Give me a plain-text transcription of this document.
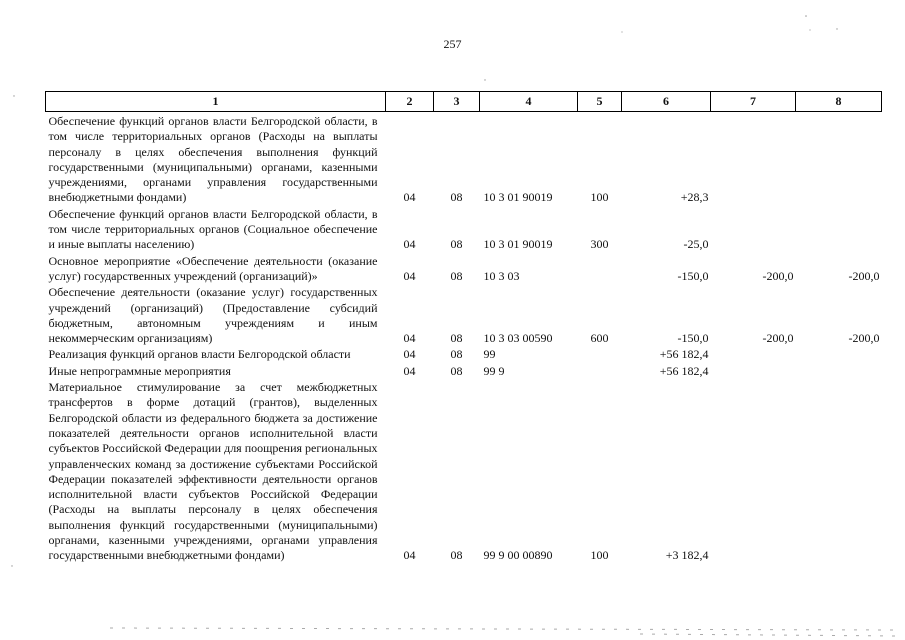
257
1	2	3	4	5	6	7	8
Обеспечение функций органов власти Белгородской области, в том числе территориальных органов (Расходы на выплаты персоналу в целях обеспечения выполнения функций государственными (муниципальными) органами, казенными учреждениями, органами управления государственными внебюджетными фондами)	04	08	10 3 01 90019	100	+28,3		
Обеспечение функций органов власти Белгородской области, в том числе территориальных органов (Социальное обеспечение и иные выплаты населению)	04	08	10 3 01 90019	300	-25,0		
Основное мероприятие «Обеспечение деятельности (оказание услуг) государственных учреждений (организаций)»	04	08	10 3 03		-150,0	-200,0	-200,0
Обеспечение деятельности (оказание услуг) государственных учреждений (организаций) (Предоставление субсидий бюджетным, автономным учреждениям и иным некоммерческим организациям)	04	08	10 3 03 00590	600	-150,0	-200,0	-200,0
Реализация функций органов власти Белгородской области	04	08	99		+56 182,4		
Иные непрограммные мероприятия	04	08	99 9		+56 182,4		
Материальное стимулирование за счет межбюджетных трансфертов в форме дотаций (грантов), выделенных Белгородской области из федерального бюджета за достижение показателей деятельности органов исполнительной власти субъектов Российской Федерации для поощрения региональных управленческих команд за достижение субъектами Российской Федерации показателей эффективности деятельности органов исполнительной власти субъектов Российской Федерации (Расходы на выплаты персоналу в целях обеспечения выполнения функций государственными (муниципальными) органами, казенными учреждениями, органами управления государственными внебюджетными фондами)	04	08	99 9 00 00890	100	+3 182,4		
